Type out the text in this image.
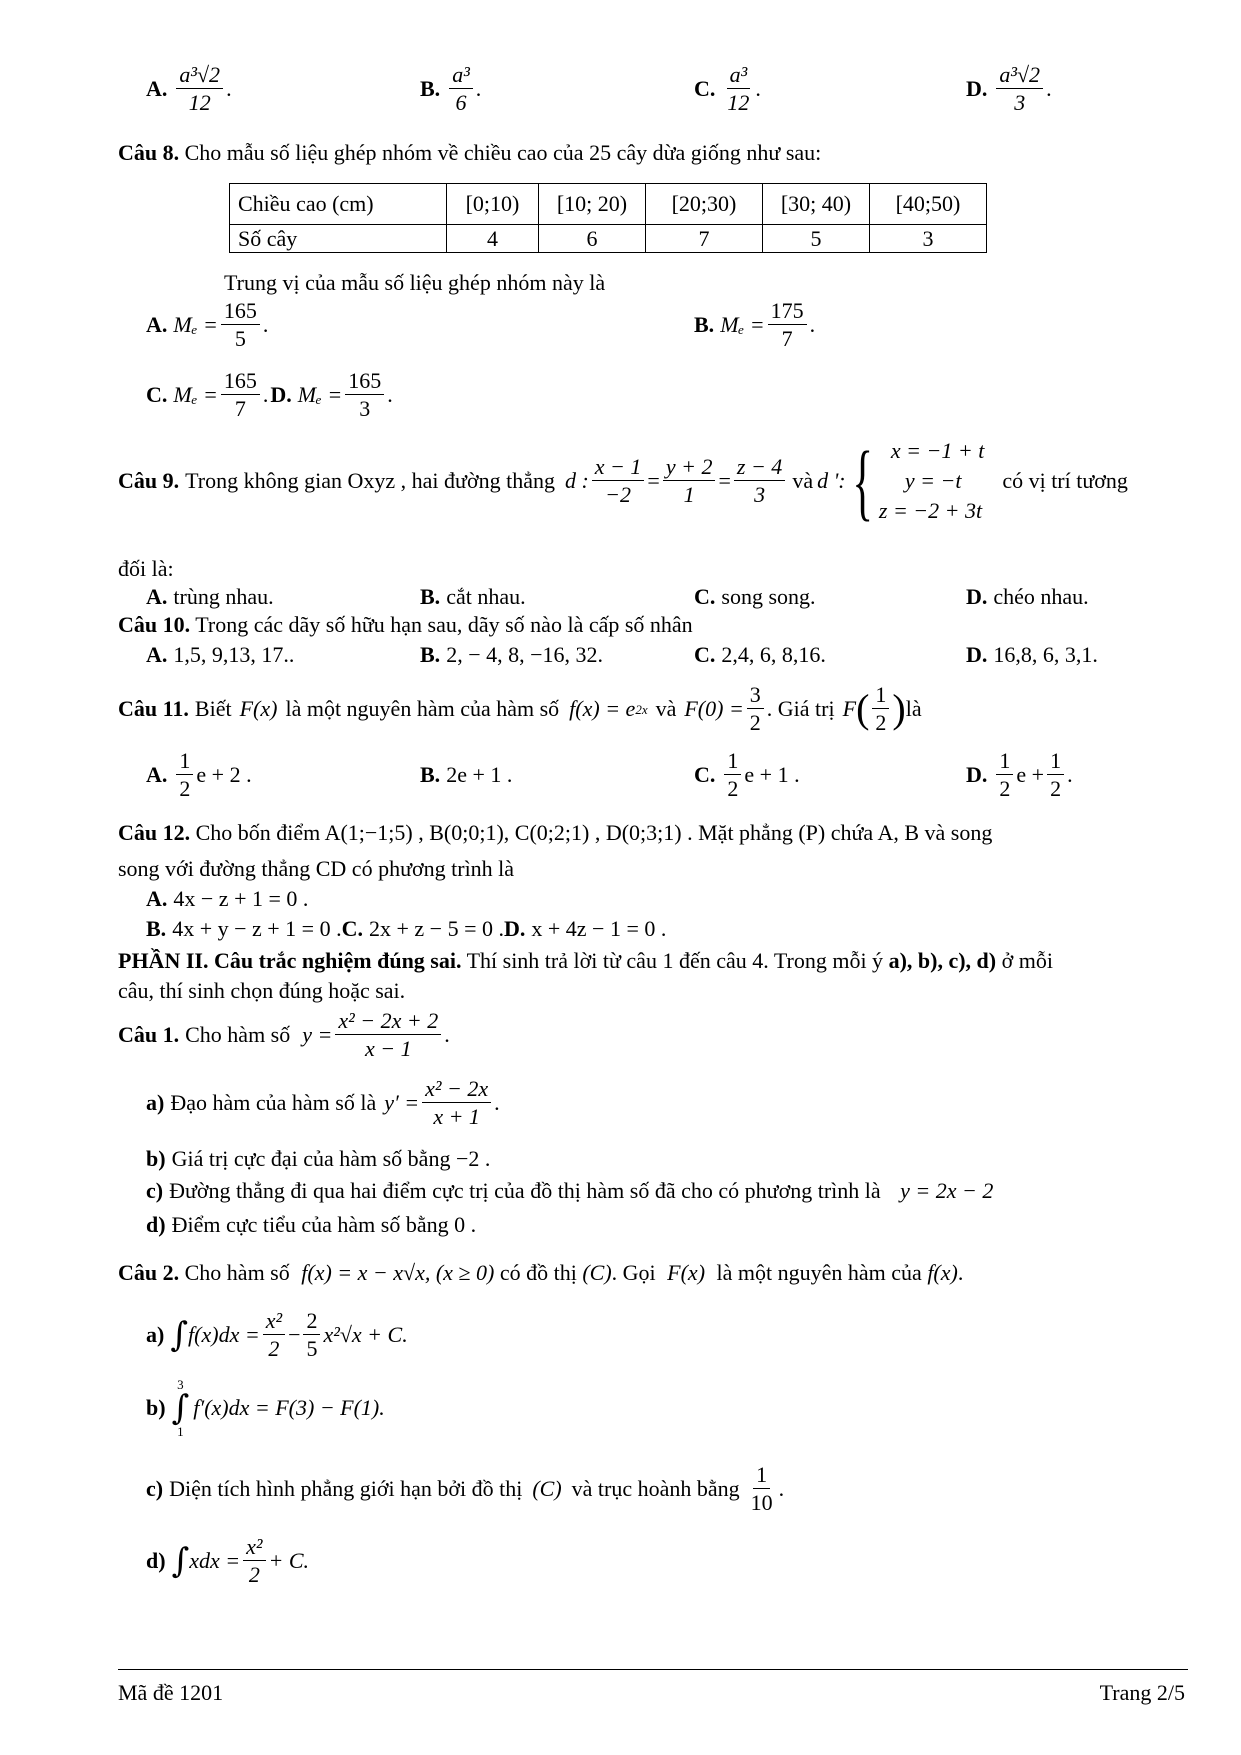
A. $\frac{\text{a³√2}}{12}$ .	B. $\frac{\text{a³}}{6}$ .	C. $\frac{\text{a³}}{12}$ .	D. $\frac{\text{a³√2}}{3}$ .
Câu 8. Cho mẫu số liệu ghép nhóm về chiều cao của 25 cây dừa giống như sau:
Chiều cao (cm)	[0;10)	[10; 20)	[20;30)	[30; 40)	[40;50)
Số cây	4	6	7	5	3
Trung vị của mẫu số liệu ghép nhóm này là
A. $M_e = \frac{165}{5}$ .	B. $M_e = \frac{175}{7}$ .
C. $M_e = \frac{165}{7}$ . D. $M_e = \frac{165}{3}$ .
Câu 9. Trong không gian Oxyz , hai đường thẳng d : $\frac{x - 1}{-2} = \frac{y + 2}{1} = \frac{z - 4}{3}$ và d ': { x = −1 + t
y = −t
z = −2 + 3t
có vị trí tương
đối là:
A. trùng nhau.	B. cắt nhau.	C. song song.	D. chéo nhau.
Câu 10. Trong các dãy số hữu hạn sau, dãy số nào là cấp số nhân
A. 1,5, 9,13, 17..	B. 2, − 4, 8, −16, 32.	C. 2,4, 6, 8,16.	D. 16,8, 6, 3,1.
Câu 11. Biết F(x) là một nguyên hàm của hàm số f(x) = e 2x và $F(0) = \frac{3}{2}$ . Giá trị F ( $\frac{1}{2}$ ) là
A. $\frac{1}{2}$ e + 2 .	B. 2e + 1 .	C. $\frac{1}{2}$ e + 1 .	D. $\frac{1}{2}$ $e + \frac{1}{2}$ .
Câu 12. Cho bốn điểm A(1;−1;5) , B(0;0;1), C(0;2;1) , D(0;3;1) . Mặt phẳng (P) chứa A, B và song
song với đường thẳng CD có phương trình là
A. 4x − z + 1 = 0 .
B. 4x + y − z + 1 = 0 .C. 2x + z − 5 = 0 .D. x + 4z − 1 = 0 .
PHẦN II. Câu trắc nghiệm đúng sai. Thí sinh trả lời từ câu 1 đến câu 4. Trong mỗi ý a), b), c), d) ở mỗi
câu, thí sinh chọn đúng hoặc sai.
Câu 1. Cho hàm số $y = \frac{\text{x² − 2x + 2}}{x - 1}$ .
a) Đạo hàm của hàm số là $y' = \frac{\text{x² − 2x}}{x + 1}$ .
b) Giá trị cực đại của hàm số bằng −2 .
c) Đường thẳng đi qua hai điểm cực trị của đồ thị hàm số đã cho có phương trình là y = 2x − 2
d) Điểm cực tiểu của hàm số bằng 0 .
Câu 2. Cho hàm số f(x) = x − x√x, (x ≥ 0) có đồ thị (C). Gọi F(x) là một nguyên hàm của f(x).
a) ∫ $f(x)dx = \frac{\text{x²}}{2} - \frac{2}{5} x^2√x + C$.
b)
3
∫
1
f′(x)dx = F(3) − F(1).
c) Diện tích hình phẳng giới hạn bởi đồ thị (C) và trục hoành bằng $\frac{1}{10}$ .
d) ∫ xdx = $\frac{\text{x²}}{2} + C$.
Mã đề 1201	Trang 2/5
